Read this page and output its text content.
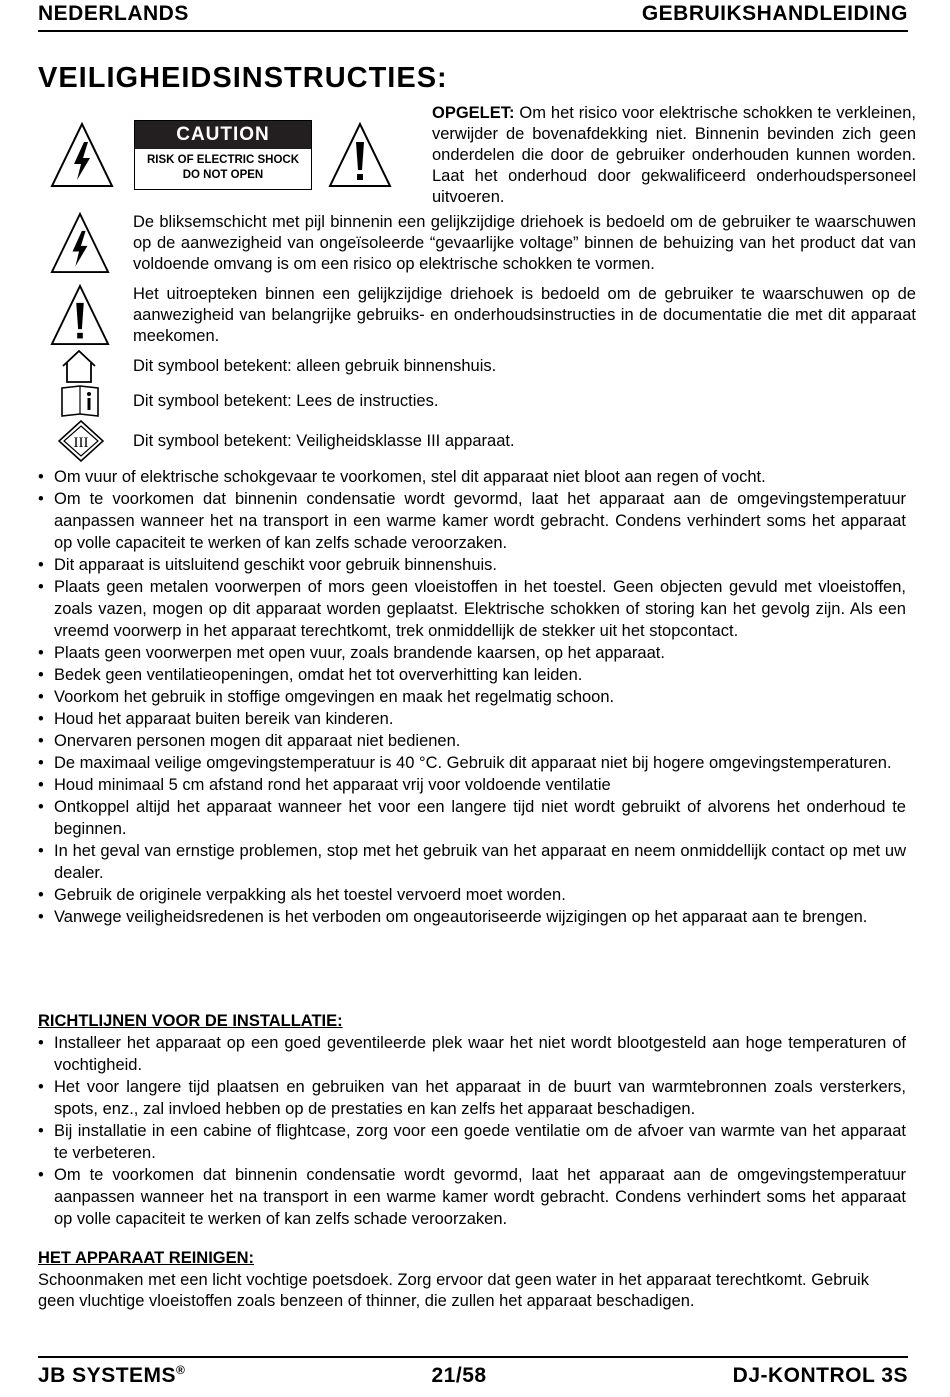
NEDERLANDS	GEBRUIKSHANDLEIDING
VEILIGHEIDSINSTRUCTIES:
CAUTION
RISK OF ELECTRIC SHOCK
DO NOT OPEN
OPGELET: Om het risico voor elektrische schokken te verkleinen, verwijder de bovenafdekking niet. Binnenin bevinden zich geen onderdelen die door de gebruiker onderhouden kunnen worden. Laat het onderhoud door gekwalificeerd onderhoudspersoneel uitvoeren.
De bliksemschicht met pijl binnenin een gelijkzijdige driehoek is bedoeld om de gebruiker te waarschuwen op de aanwezigheid van ongeïsoleerde “gevaarlijke voltage” binnen de behuizing van het product dat van voldoende omvang is om een risico op elektrische schokken te vormen.
Het uitroepteken binnen een gelijkzijdige driehoek is bedoeld om de gebruiker te waarschuwen op de aanwezigheid van belangrijke gebruiks- en onderhoudsinstructies in de documentatie die met dit apparaat meekomen.
Dit symbool betekent: alleen gebruik binnenshuis.
Dit symbool betekent: Lees de instructies.
III	Dit symbool betekent: Veiligheidsklasse III apparaat.
• Om vuur of elektrische schokgevaar te voorkomen, stel dit apparaat niet bloot aan regen of vocht.
• Om te voorkomen dat binnenin condensatie wordt gevormd, laat het apparaat aan de omgevingstemperatuur aanpassen wanneer het na transport in een warme kamer wordt gebracht. Condens verhindert soms het apparaat op volle capaciteit te werken of kan zelfs schade veroorzaken.
• Dit apparaat is uitsluitend geschikt voor gebruik binnenshuis.
• Plaats geen metalen voorwerpen of mors geen vloeistoffen in het toestel. Geen objecten gevuld met vloeistoffen, zoals vazen, mogen op dit apparaat worden geplaatst. Elektrische schokken of storing kan het gevolg zijn. Als een vreemd voorwerp in het apparaat terechtkomt, trek onmiddellijk de stekker uit het stopcontact.
• Plaats geen voorwerpen met open vuur, zoals brandende kaarsen, op het apparaat.
• Bedek geen ventilatieopeningen, omdat het tot oververhitting kan leiden.
• Voorkom het gebruik in stoffige omgevingen en maak het regelmatig schoon.
• Houd het apparaat buiten bereik van kinderen.
• Onervaren personen mogen dit apparaat niet bedienen.
• De maximaal veilige omgevingstemperatuur is 40 °C. Gebruik dit apparaat niet bij hogere omgevingstemperaturen.
• Houd minimaal 5 cm afstand rond het apparaat vrij voor voldoende ventilatie
• Ontkoppel altijd het apparaat wanneer het voor een langere tijd niet wordt gebruikt of alvorens het onderhoud te beginnen.
• In het geval van ernstige problemen, stop met het gebruik van het apparaat en neem onmiddellijk contact op met uw dealer.
• Gebruik de originele verpakking als het toestel vervoerd moet worden.
• Vanwege veiligheidsredenen is het verboden om ongeautoriseerde wijzigingen op het apparaat aan te brengen.
RICHTLIJNEN VOOR DE INSTALLATIE:
• Installeer het apparaat op een goed geventileerde plek waar het niet wordt blootgesteld aan hoge temperaturen of vochtigheid.
• Het voor langere tijd plaatsen en gebruiken van het apparaat in de buurt van warmtebronnen zoals versterkers, spots, enz., zal invloed hebben op de prestaties en kan zelfs het apparaat beschadigen.
• Bij installatie in een cabine of flightcase, zorg voor een goede ventilatie om de afvoer van warmte van het apparaat te verbeteren.
• Om te voorkomen dat binnenin condensatie wordt gevormd, laat het apparaat aan de omgevingstemperatuur aanpassen wanneer het na transport in een warme kamer wordt gebracht. Condens verhindert soms het apparaat op volle capaciteit te werken of kan zelfs schade veroorzaken.
HET APPARAAT REINIGEN:
Schoonmaken met een licht vochtige poetsdoek. Zorg ervoor dat geen water in het apparaat terechtkomt. Gebruik geen vluchtige vloeistoffen zoals benzeen of thinner, die zullen het apparaat beschadigen.
JB SYSTEMS®	21/58	DJ-KONTROL 3S
